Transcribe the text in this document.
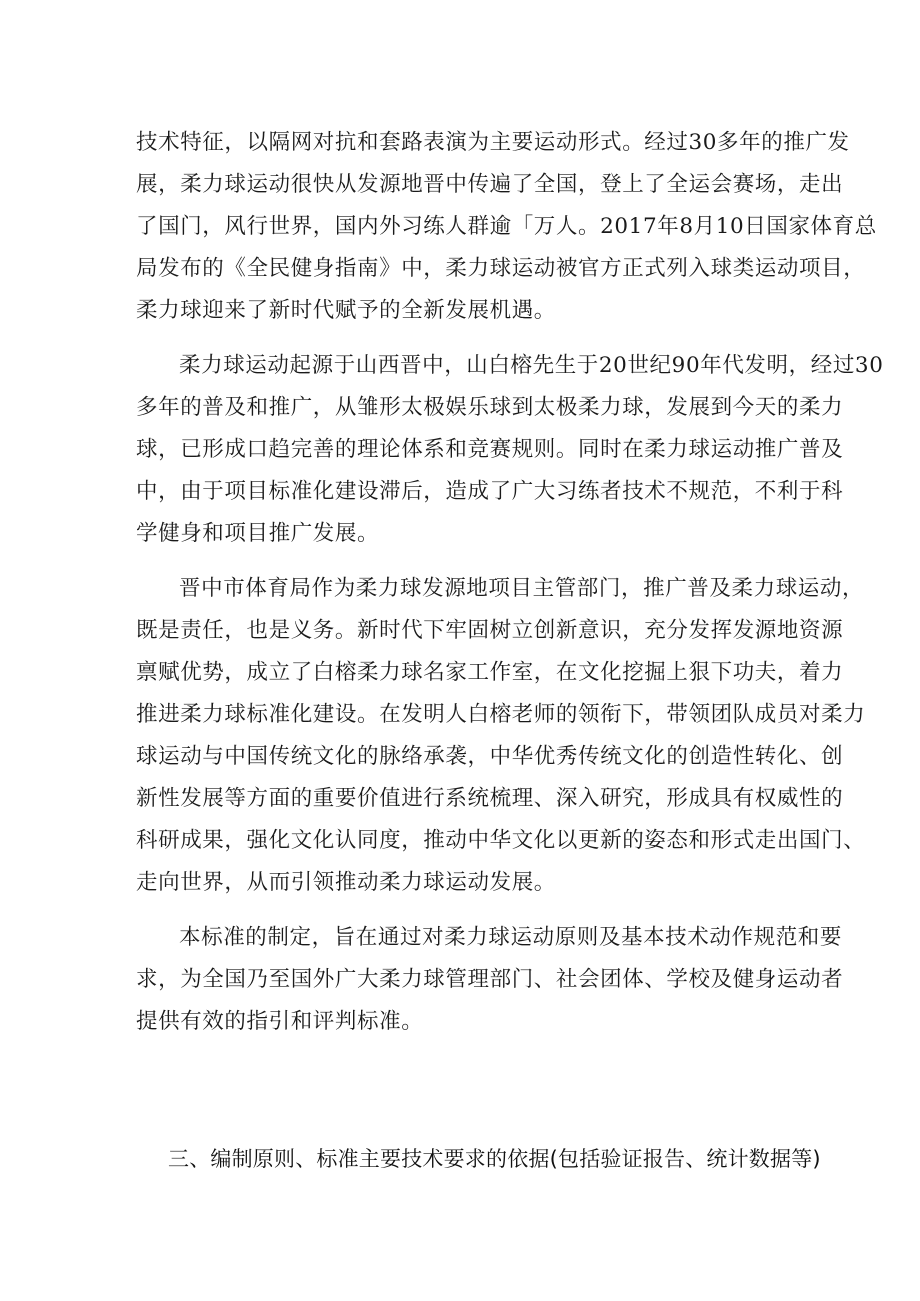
技术特征，以隔网对抗和套路表演为主要运动形式。经过30多年的推广发
展，柔力球运动很快从发源地晋中传遍了全国，登上了全运会赛场，走出
了国门，风行世界，国内外习练人群逾「万人。2017年8月10日国家体育总
局发布的《全民健身指南》中，柔力球运动被官方正式列入球类运动项目，
柔力球迎来了新时代赋予的全新发展机遇。
柔力球运动起源于山西晋中，山白榕先生于20世纪90年代发明，经过30
多年的普及和推广，从雏形太极娱乐球到太极柔力球，发展到今天的柔力
球，已形成口趋完善的理论体系和竞赛规则。同时在柔力球运动推广普及
中，由于项目标准化建设滞后，造成了广大习练者技术不规范，不利于科
学健身和项目推广发展。
晋中市体育局作为柔力球发源地项目主管部门，推广普及柔力球运动，
既是责任，也是义务。新时代下牢固树立创新意识，充分发挥发源地资源
禀赋优势，成立了白榕柔力球名家工作室，在文化挖掘上狠下功夫，着力
推进柔力球标准化建设。在发明人白榕老师的领衔下，带领团队成员对柔力
球运动与中国传统文化的脉络承袭，中华优秀传统文化的创造性转化、创
新性发展等方面的重要价值进行系统梳理、深入研究，形成具有权威性的
科研成果，强化文化认同度，推动中华文化以更新的姿态和形式走出国门、
走向世界，从而引领推动柔力球运动发展。
本标准的制定，旨在通过对柔力球运动原则及基本技术动作规范和要
求，为全国乃至国外广大柔力球管理部门、社会团体、学校及健身运动者
提供有效的指引和评判标准。
三、编制原则、标准主要技术要求的依据(包括验证报告、统计数据等)
